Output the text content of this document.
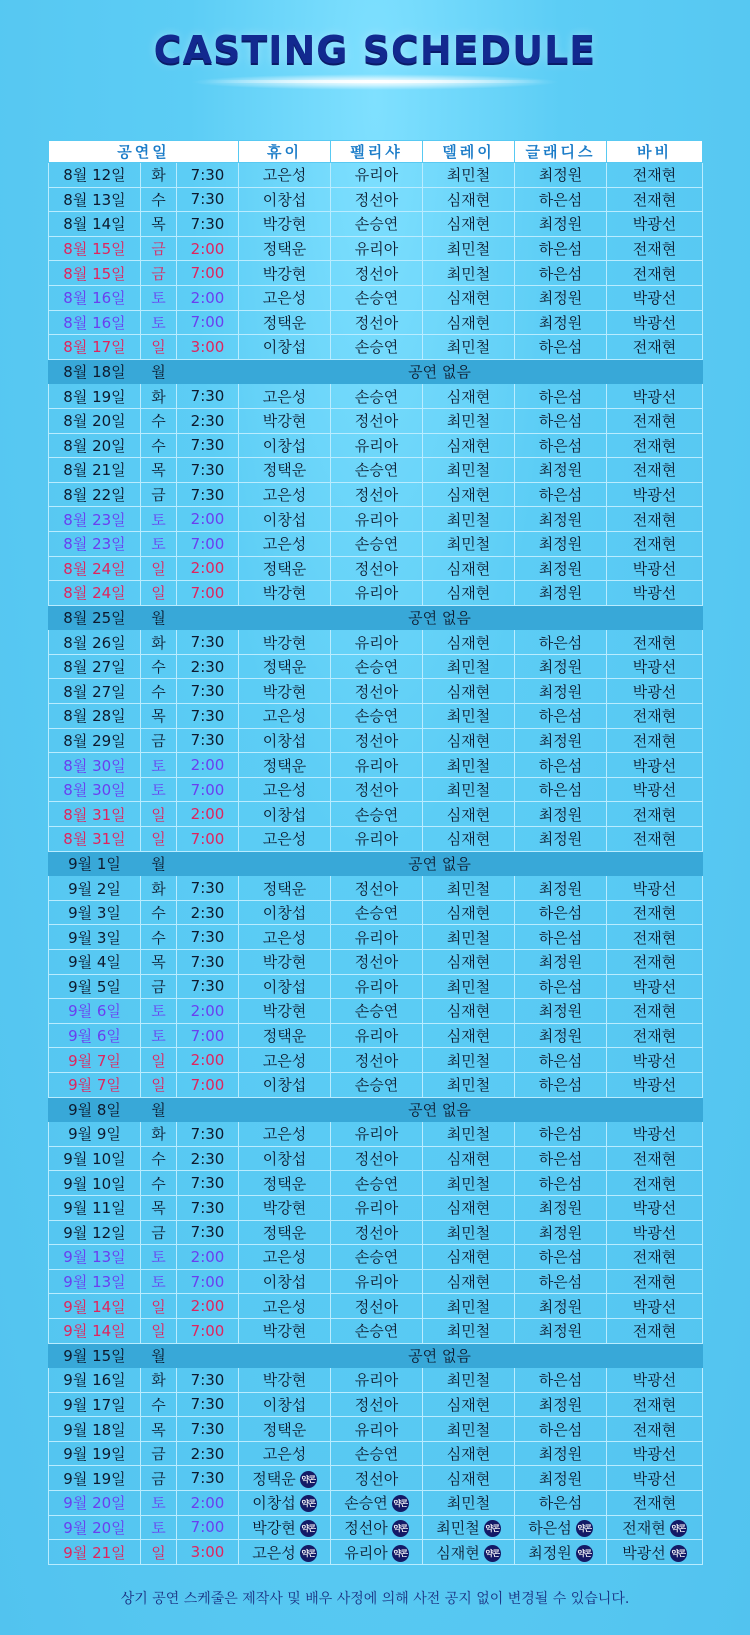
CASTING SCHEDULE
공연일			휴이	펠리샤	델레이	글래디스	바비
8월 12일	화	7:30	고은성	유리아	최민철	최정원	전재현
8월 13일	수	7:30	이창섭	정선아	심재현	하은섬	전재현
8월 14일	목	7:30	박강현	손승연	심재현	최정원	박광선
8월 15일	금	2:00	정택운	유리아	최민철	하은섬	전재현
8월 15일	금	7:00	박강현	정선아	최민철	하은섬	전재현
8월 16일	토	2:00	고은성	손승연	심재현	최정원	박광선
8월 16일	토	7:00	정택운	정선아	심재현	최정원	박광선
8월 17일	일	3:00	이창섭	손승연	최민철	하은섬	전재현
8월 18일	월	공연 없음					
8월 19일	화	7:30	고은성	손승연	심재현	하은섬	박광선
8월 20일	수	2:30	박강현	정선아	최민철	하은섬	전재현
8월 20일	수	7:30	이창섭	유리아	심재현	하은섬	전재현
8월 21일	목	7:30	정택운	손승연	최민철	최정원	전재현
8월 22일	금	7:30	고은성	정선아	심재현	하은섬	박광선
8월 23일	토	2:00	이창섭	유리아	최민철	최정원	전재현
8월 23일	토	7:00	고은성	손승연	최민철	최정원	전재현
8월 24일	일	2:00	정택운	정선아	심재현	최정원	박광선
8월 24일	일	7:00	박강현	유리아	심재현	최정원	박광선
8월 25일	월	공연 없음					
8월 26일	화	7:30	박강현	유리아	심재현	하은섬	전재현
8월 27일	수	2:30	정택운	손승연	최민철	최정원	박광선
8월 27일	수	7:30	박강현	정선아	심재현	최정원	박광선
8월 28일	목	7:30	고은성	손승연	최민철	하은섬	전재현
8월 29일	금	7:30	이창섭	정선아	심재현	최정원	전재현
8월 30일	토	2:00	정택운	유리아	최민철	하은섬	박광선
8월 30일	토	7:00	고은성	정선아	최민철	하은섬	박광선
8월 31일	일	2:00	이창섭	손승연	심재현	최정원	전재현
8월 31일	일	7:00	고은성	유리아	심재현	최정원	전재현
9월 1일	월	공연 없음					
9월 2일	화	7:30	정택운	정선아	최민철	최정원	박광선
9월 3일	수	2:30	이창섭	손승연	심재현	하은섬	전재현
9월 3일	수	7:30	고은성	유리아	최민철	하은섬	전재현
9월 4일	목	7:30	박강현	정선아	심재현	최정원	전재현
9월 5일	금	7:30	이창섭	유리아	최민철	하은섬	박광선
9월 6일	토	2:00	박강현	손승연	심재현	최정원	전재현
9월 6일	토	7:00	정택운	유리아	심재현	최정원	전재현
9월 7일	일	2:00	고은성	정선아	최민철	하은섬	박광선
9월 7일	일	7:00	이창섭	손승연	최민철	하은섬	박광선
9월 8일	월	공연 없음					
9월 9일	화	7:30	고은성	유리아	최민철	하은섬	박광선
9월 10일	수	2:30	이창섭	정선아	심재현	하은섬	전재현
9월 10일	수	7:30	정택운	손승연	최민철	하은섬	전재현
9월 11일	목	7:30	박강현	유리아	심재현	최정원	박광선
9월 12일	금	7:30	정택운	정선아	최민철	최정원	박광선
9월 13일	토	2:00	고은성	손승연	심재현	하은섬	전재현
9월 13일	토	7:00	이창섭	유리아	심재현	하은섬	전재현
9월 14일	일	2:00	고은성	정선아	최민철	최정원	박광선
9월 14일	일	7:00	박강현	손승연	최민철	최정원	전재현
9월 15일	월	공연 없음					
9월 16일	화	7:30	박강현	유리아	최민철	하은섬	박광선
9월 17일	수	7:30	이창섭	정선아	심재현	최정원	전재현
9월 18일	목	7:30	정택운	유리아	최민철	하은섬	전재현
9월 19일	금	2:30	고은성	손승연	심재현	최정원	박광선
9월 19일	금	7:30	정택운 약콘	정선아	심재현	최정원	박광선
9월 20일	토	2:00	이창섭 약콘	손승연 약콘	최민철	하은섬	전재현
9월 20일	토	7:00	박강현 약콘	정선아 약콘	최민철 약콘	하은섬 약콘	전재현 약콘
9월 21일	일	3:00	고은성 약콘	유리아 약콘	심재현 약콘	최정원 약콘	박광선 약콘
상기 공연 스케줄은 제작사 및 배우 사정에 의해 사전 공지 없이 변경될 수 있습니다.
